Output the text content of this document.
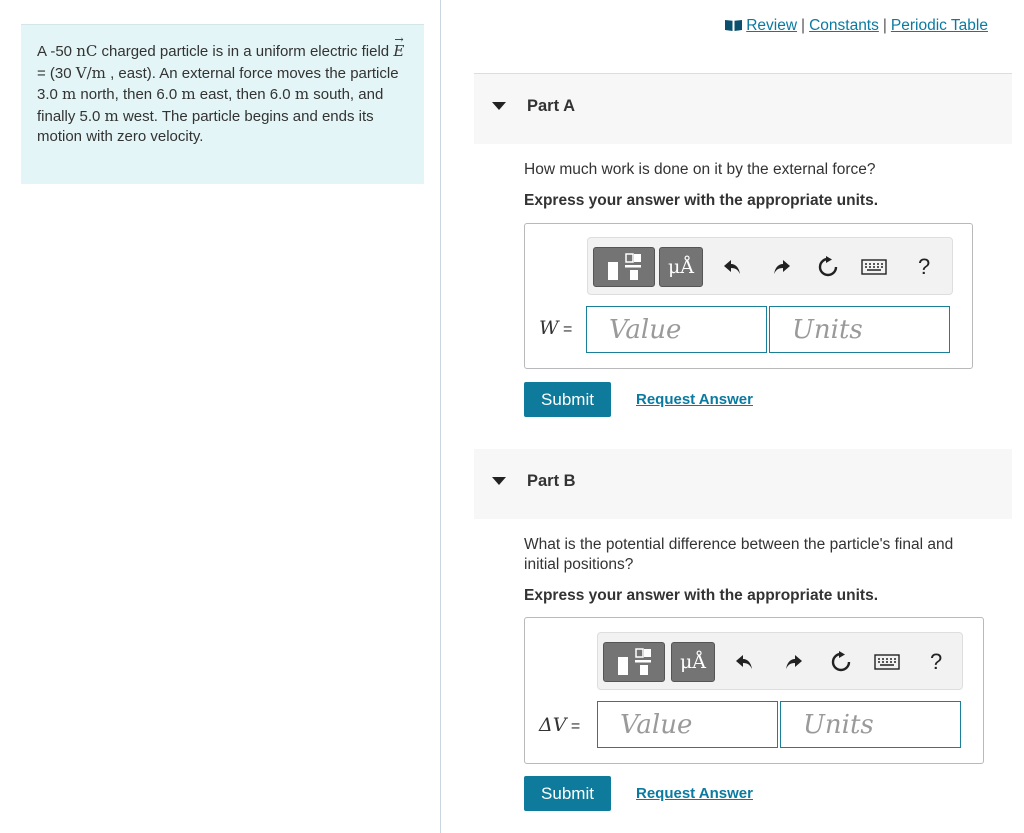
A -50 nC charged particle is in a uniform electric field → E = (30 V/m , east). An external force moves the particle 3.0 m north, then 6.0 m east, then 6.0 m south, and finally 5.0 m west. The particle begins and ends its motion with zero velocity.
Review | Constants | Periodic Table
Part A
How much work is done on it by the external force?
Express your answer with the appropriate units.
μÅ	?
W = Value	Units
Submit	Request Answer
Part B
What is the potential difference between the particle's final and initial positions?
Express your answer with the appropriate units.
μÅ	?
ΔV = Value	Units
Submit	Request Answer
